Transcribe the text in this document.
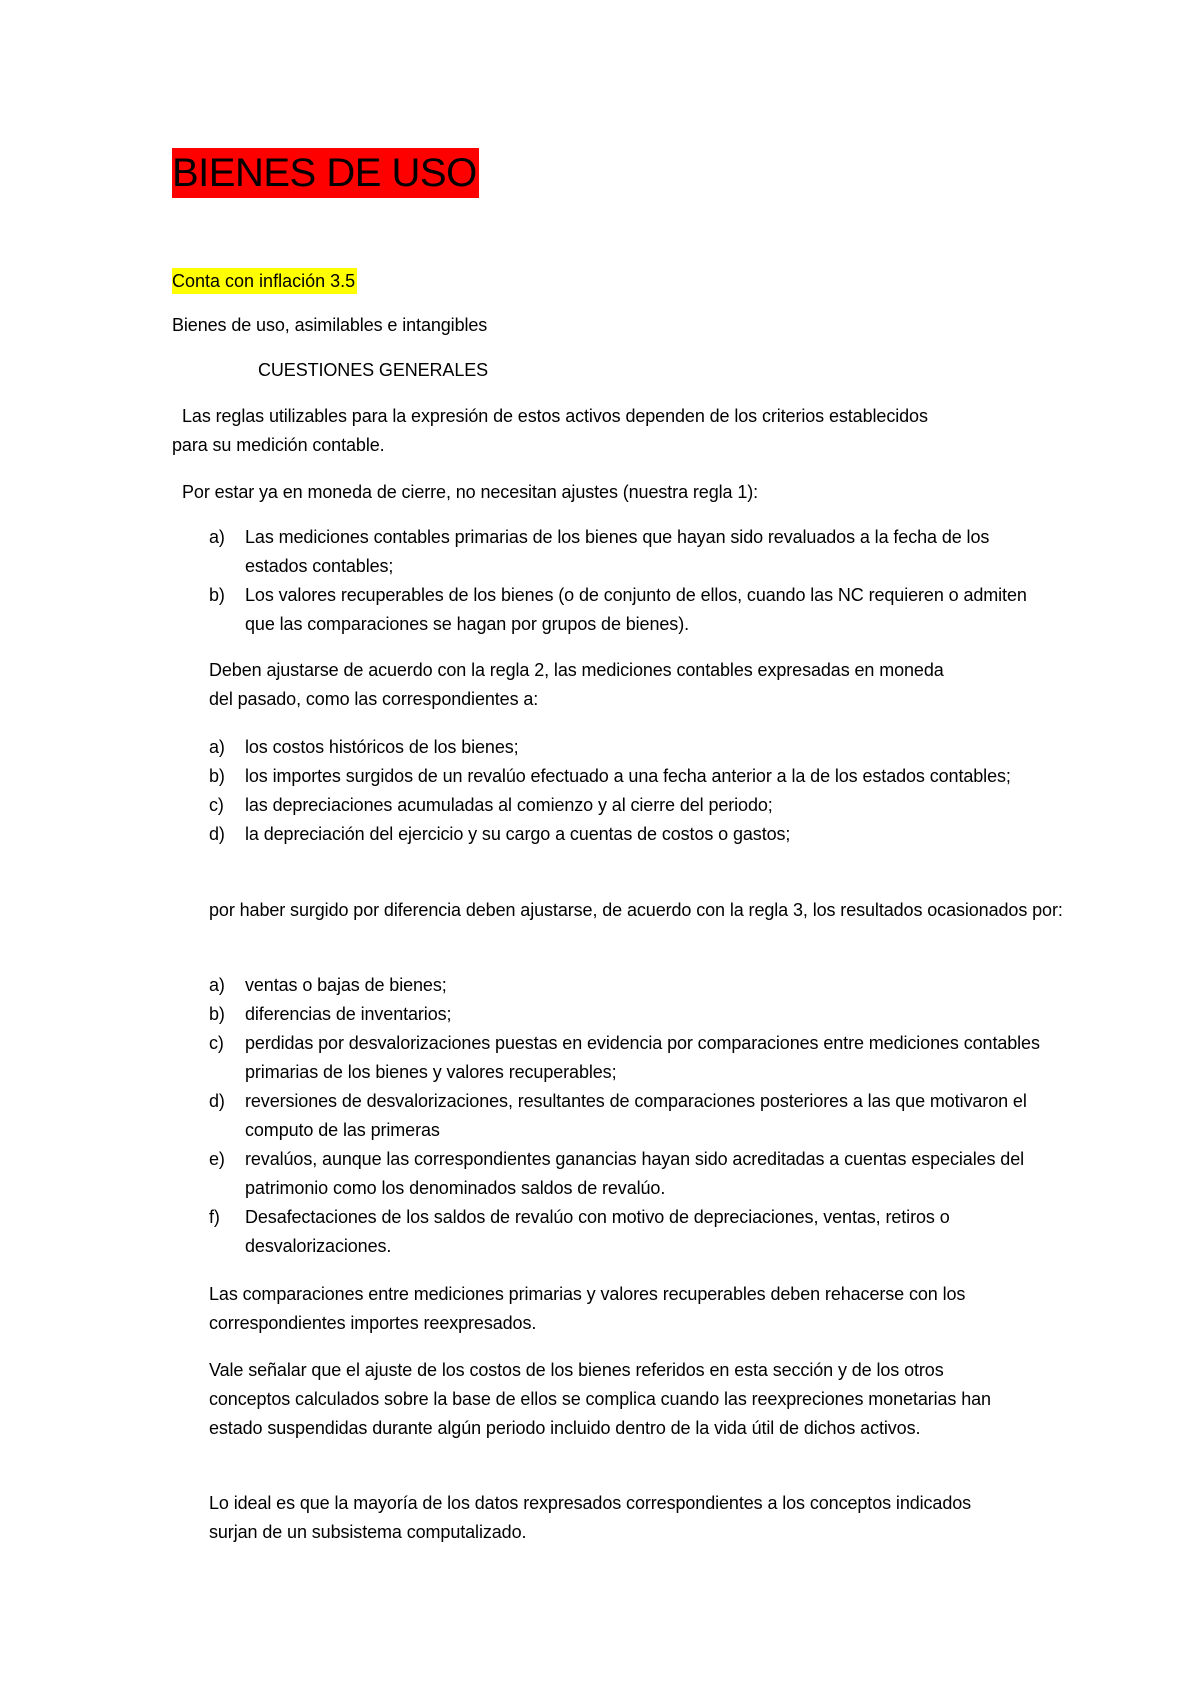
BIENES DE USO
Conta con inflación 3.5
Bienes de uso, asimilables e intangibles
CUESTIONES GENERALES
Las reglas utilizables para la expresión de estos activos dependen de los criterios establecidos
para su medición contable.
Por estar ya en moneda de cierre, no necesitan ajustes (nuestra regla 1):
a) Las mediciones contables primarias de los bienes que hayan sido revaluados a la fecha de los estados contables;
b) Los valores recuperables de los bienes (o de conjunto de ellos, cuando las NC requieren o admiten que las comparaciones se hagan por grupos de bienes).
Deben ajustarse de acuerdo con la regla 2, las mediciones contables expresadas en moneda del pasado, como las correspondientes a:
a) los costos históricos de los bienes;
b) los importes surgidos de un revalúo efectuado a una fecha anterior a la de los estados contables;
c) las depreciaciones acumuladas al comienzo y al cierre del periodo;
d) la depreciación del ejercicio y su cargo a cuentas de costos o gastos;
por haber surgido por diferencia deben ajustarse, de acuerdo con la regla 3, los resultados ocasionados por:
a) ventas o bajas de bienes;
b) diferencias de inventarios;
c) perdidas por desvalorizaciones puestas en evidencia por comparaciones entre mediciones contables primarias de los bienes y valores recuperables;
d) reversiones de desvalorizaciones, resultantes de comparaciones posteriores a las que motivaron el computo de las primeras
e) revalúos, aunque las correspondientes ganancias hayan sido acreditadas a cuentas especiales del patrimonio como los denominados saldos de revalúo.
f) Desafectaciones de los saldos de revalúo con motivo de depreciaciones, ventas, retiros o desvalorizaciones.
Las comparaciones entre mediciones primarias y valores recuperables deben rehacerse con los correspondientes importes reexpresados.
Vale señalar que el ajuste de los costos de los bienes referidos en esta sección y de los otros conceptos calculados sobre la base de ellos se complica cuando las reexpreciones monetarias han estado suspendidas durante algún periodo incluido dentro de la vida útil de dichos activos.
Lo ideal es que la mayoría de los datos rexpresados correspondientes a los conceptos indicados surjan de un subsistema computalizado.
